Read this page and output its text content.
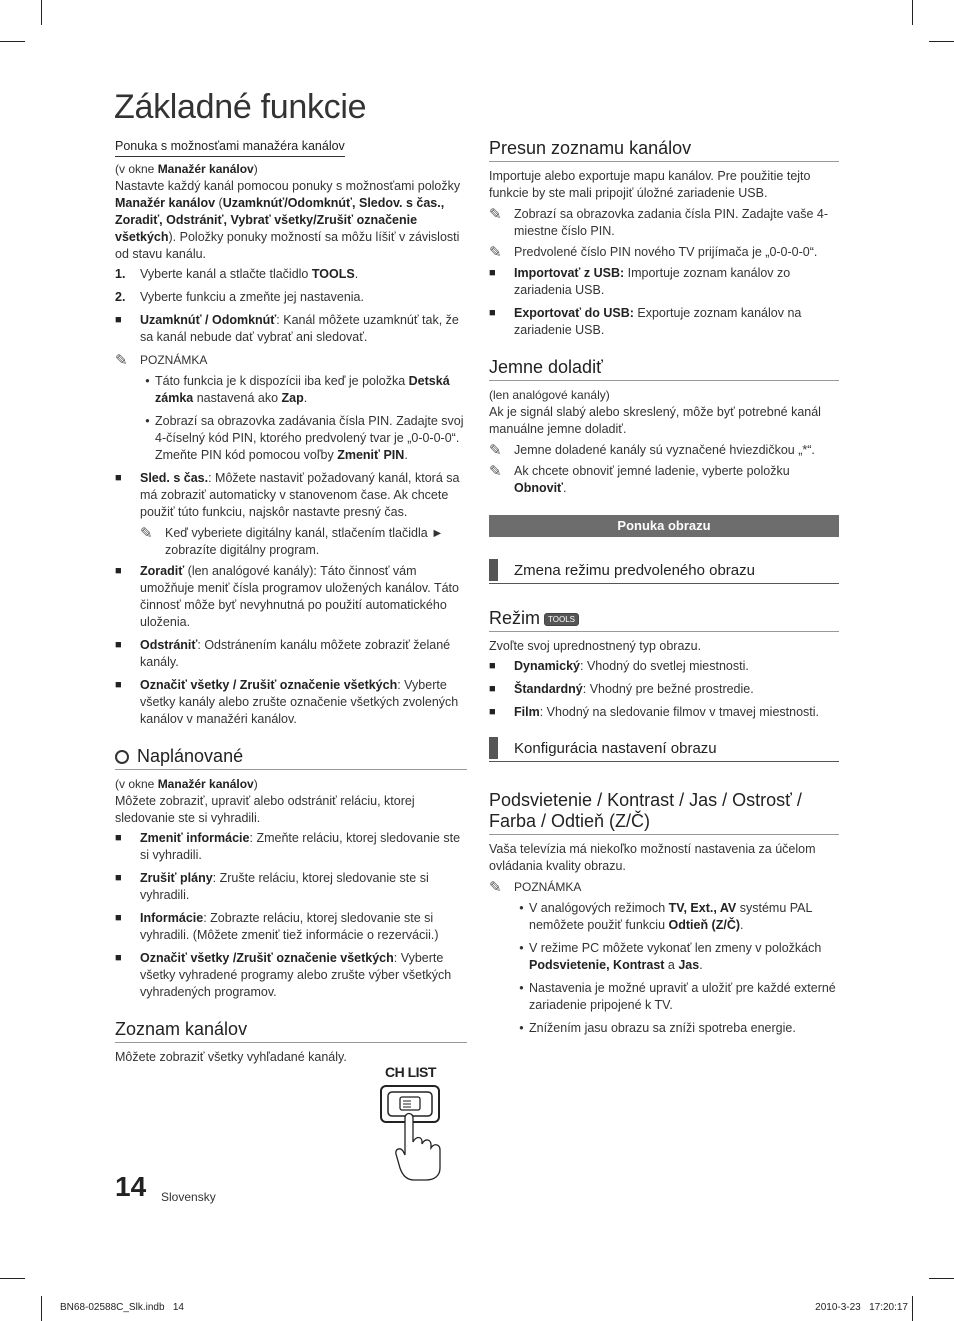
Základné funkcie
Ponuka s možnosťami manažéra kanálov

(v okne Manažér kanálov)

Nastavte každý kanál pomocou ponuky s možnosťami položky Manažér kanálov (Uzamknúť/Odomknúť, Sledov. s čas., Zoradiť, Odstrániť, Vybrať všetky/Zrušiť označenie všetkých). Položky ponuky možností sa môžu líšiť v závislosti od stavu kanálu.

1.	Vyberte kanál a stlačte tlačidlo TOOLS.
2.	Vyberte funkciu a zmeňte jej nastavenia.
■	Uzamknúť / Odomknúť: Kanál môžete uzamknúť tak, že sa kanál nebude dať vybrať ani sledovať.
✎	POZNÁMKA
• Táto funkcia je k dispozícii iba keď je položka Detská zámka nastavená ako Zap.
• Zobrazí sa obrazovka zadávania čísla PIN. Zadajte svoj 4-číselný kód PIN, ktorého predvolený tvar je „0-0-0-0“. Zmeňte PIN kód pomocou voľby Zmeniť PIN.
■	Sled. s čas.: Môžete nastaviť požadovaný kanál, ktorá sa má zobraziť automaticky v stanovenom čase. Ak chcete použiť túto funkciu, najskôr nastavte presný čas.
✎ Keď vyberiete digitálny kanál, stlačením tlačidla ► zobrazíte digitálny program.
■	Zoradiť (len analógové kanály): Táto činnosť vám umožňuje meniť čísla programov uložených kanálov. Táto činnosť môže byť nevyhnutná po použití automatického uloženia.
■	Odstrániť: Odstránením kanálu môžete zobraziť želané kanály.
■	Označiť všetky / Zrušiť označenie všetkých: Vyberte všetky kanály alebo zrušte označenie všetkých zvolených kanálov v manažéri kanálov.
Naplánované

(v okne Manažér kanálov)

Môžete zobraziť, upraviť alebo odstrániť reláciu, ktorej sledovanie ste si vyhradili.

■	Zmeniť informácie: Zmeňte reláciu, ktorej sledovanie ste si vyhradili.
■	Zrušiť plány: Zrušte reláciu, ktorej sledovanie ste si vyhradili.
■	Informácie: Zobrazte reláciu, ktorej sledovanie ste si vyhradili. (Môžete zmeniť tiež informácie o rezervácii.)
■	Označiť všetky /Zrušiť označenie všetkých: Vyberte všetky vyhradené programy alebo zrušte výber všetkých vyhradených programov.
Zoznam kanálov

Môžete zobraziť všetky vyhľadané kanály.

CH LIST
Presun zoznamu kanálov

Importuje alebo exportuje mapu kanálov. Pre použitie tejto funkcie by ste mali pripojiť úložné zariadenie USB.

✎ Zobrazí sa obrazovka zadania čísla PIN. Zadajte vaše 4-miestne číslo PIN.
✎ Predvolené číslo PIN nového TV prijímača je „0-0-0-0“.
■	Importovať z USB: Importuje zoznam kanálov zo zariadenia USB.
■	Exportovať do USB: Exportuje zoznam kanálov na zariadenie USB.
Jemne doladiť

(len analógové kanály)

Ak je signál slabý alebo skreslený, môže byť potrebné kanál manuálne jemne doladiť.

✎ Jemne doladené kanály sú vyznačené hviezdičkou „*“.
✎ Ak chcete obnoviť jemné ladenie, vyberte položku Obnoviť.
Ponuka obrazu
Zmena režimu predvoleného obrazu
Režim TOOLS

Zvoľte svoj uprednostnený typ obrazu.

■	Dynamický: Vhodný do svetlej miestnosti.
■	Štandardný: Vhodný pre bežné prostredie.
■	Film: Vhodný na sledovanie filmov v tmavej miestnosti.
Konfigurácia nastavení obrazu
Podsvietenie / Kontrast / Jas / Ostrosť / Farba / Odtieň (Z/Č)

Vaša televízia má niekoľko možností nastavenia za účelom ovládania kvality obrazu.

✎	POZNÁMKA
• V analógových režimoch TV, Ext., AV systému PAL nemôžete použiť funkciu Odtieň (Z/Č).
• V režime PC môžete vykonať len zmeny v položkách Podsvietenie, Kontrast a Jas.
• Nastavenia je možné upraviť a uložiť pre každé externé zariadenie pripojené k TV.
• Znížením jasu obrazu sa zníži spotreba energie.
14 Slovensky
BN68-02588C_Slk.indb   14	2010-3-23   17:20:17
